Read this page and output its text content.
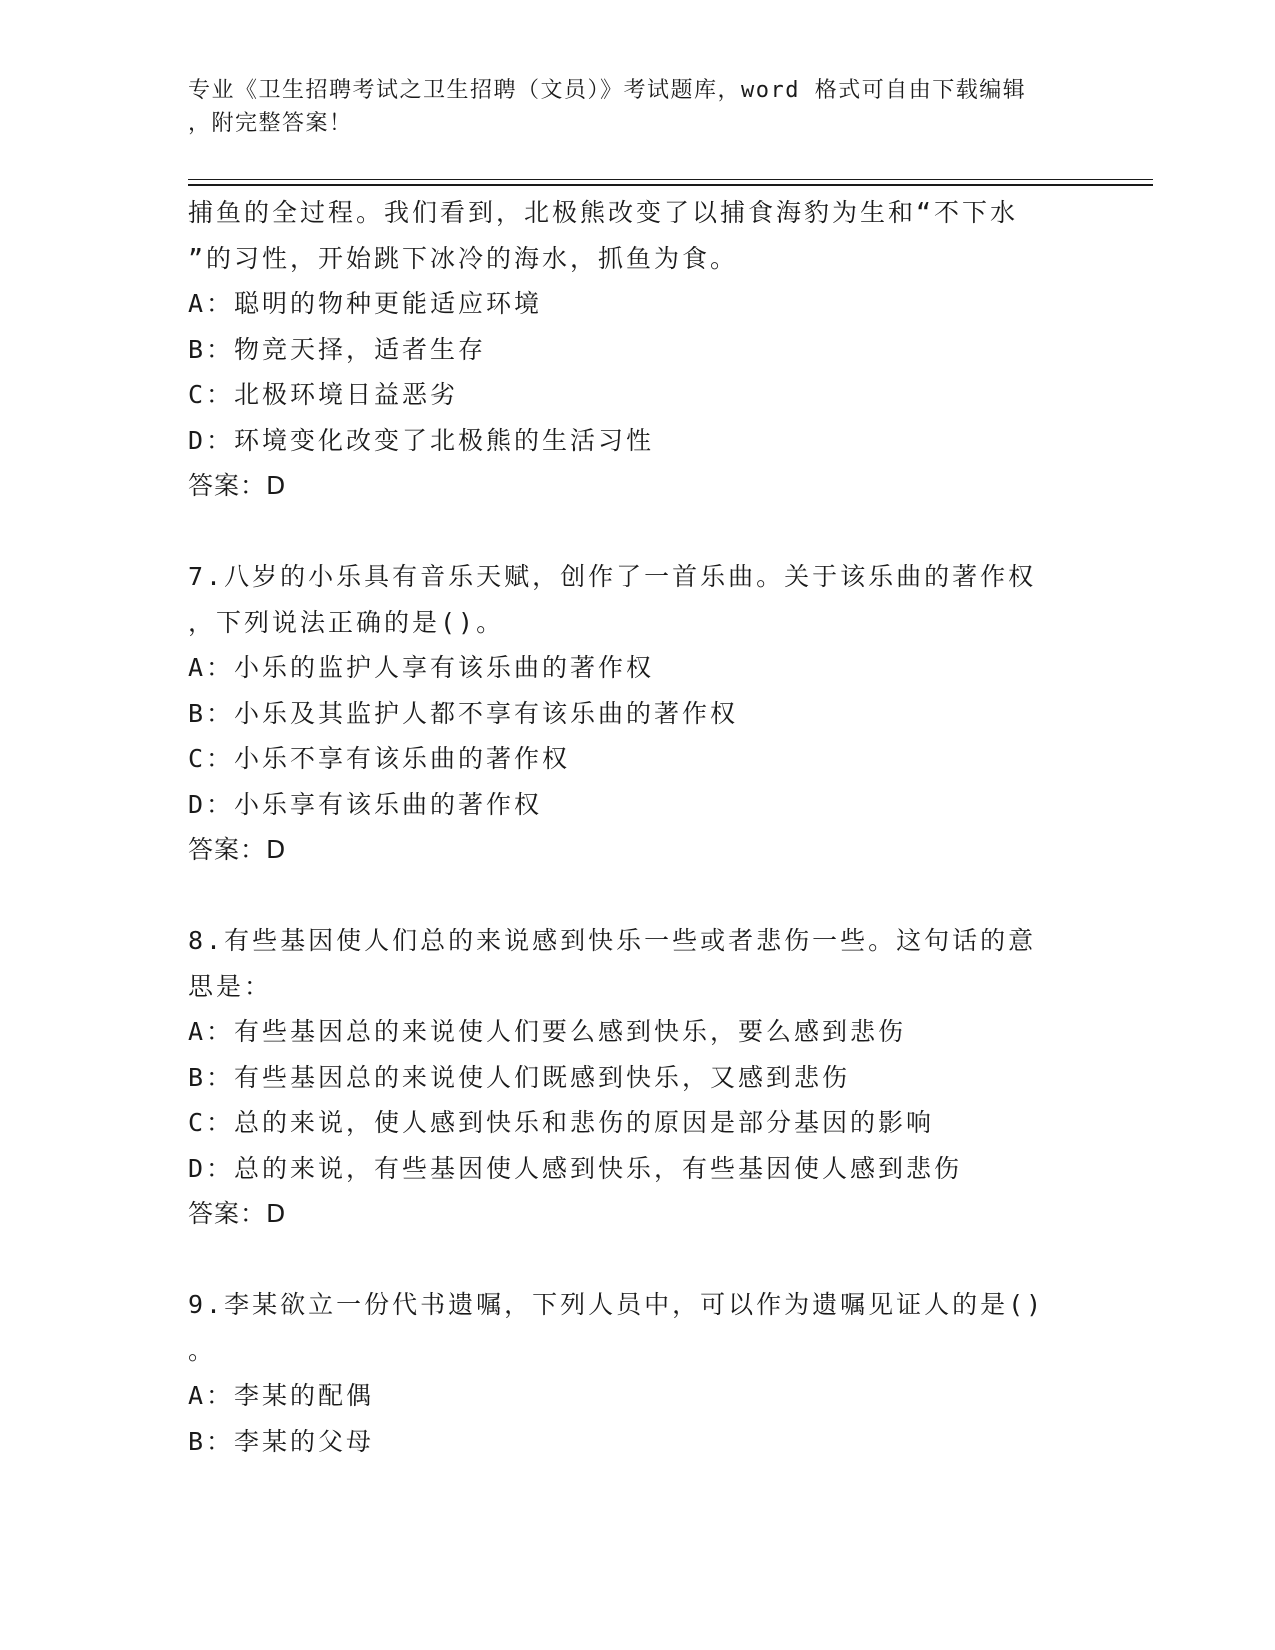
专业《卫生招聘考试之卫生招聘（文员）》考试题库，word 格式可自由下载编辑
，附完整答案！
捕鱼的全过程。我们看到，北极熊改变了以捕食海豹为生和“不下水
”的习性，开始跳下冰冷的海水，抓鱼为食。
A：聪明的物种更能适应环境
B：物竞天择，适者生存
C：北极环境日益恶劣
D：环境变化改变了北极熊的生活习性
答案：D
7.八岁的小乐具有音乐天赋，创作了一首乐曲。关于该乐曲的著作权
，下列说法正确的是()。
A：小乐的监护人享有该乐曲的著作权
B：小乐及其监护人都不享有该乐曲的著作权
C：小乐不享有该乐曲的著作权
D：小乐享有该乐曲的著作权
答案：D
8.有些基因使人们总的来说感到快乐一些或者悲伤一些。这句话的意
思是：
A：有些基因总的来说使人们要么感到快乐，要么感到悲伤
B：有些基因总的来说使人们既感到快乐，又感到悲伤
C：总的来说，使人感到快乐和悲伤的原因是部分基因的影响
D：总的来说，有些基因使人感到快乐，有些基因使人感到悲伤
答案：D
9.李某欲立一份代书遗嘱，下列人员中，可以作为遗嘱见证人的是()
。
A：李某的配偶
B：李某的父母
